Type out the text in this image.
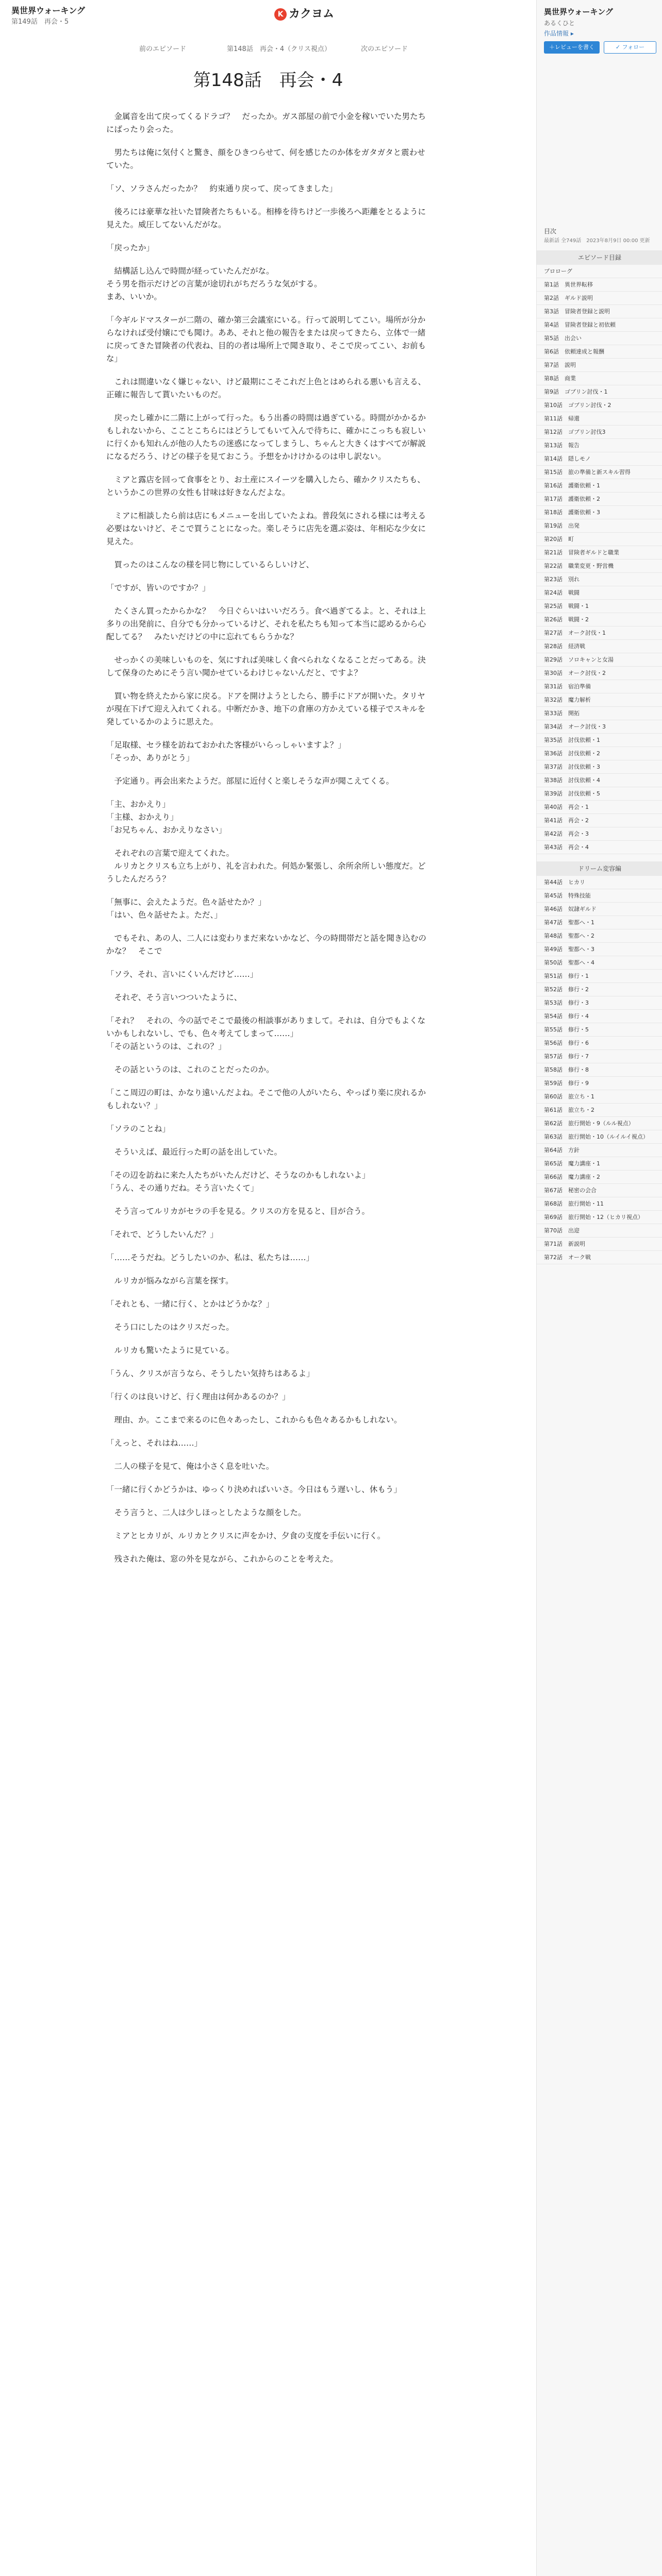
異世界ウォーキング
第149話　再会・5
K カクヨム
前のエピソード	第148話　再会・4（クリス視点）	次のエピソード
第148話　再会・4

　金属音を出て戻ってくるドラゴ？　だったか。ガス部屋の前で小金を稼いでいた男たちにばったり会った。

　男たちは俺に気付くと驚き、顔をひきつらせて、何を感じたのか体をガタガタと震わせていた。

「ソ、ソラさんだったか？　約束通り戻って、戻ってきました」

　後ろには豪華な社いた冒険者たちもいる。相棒を待ちけど一歩後ろへ距離をとるように見えた。威圧してないんだがな。

「戻ったか」

　結構話し込んで時間が経っていたんだがな。
そう男を指示だけどの言葉が途切れがちだろうな気がする。
まあ、いいか。

「今ギルドマスターが二階の、確か第三会議室にいる。行って説明してこい。場所が分からなければ受付嬢にでも聞け。ああ、それと他の報告をまたは戻ってきたら、立体で一緒に戻ってきた冒険者の代表ね、目的の者は場所上で聞き取り、そこで戻ってこい、お前もな」

　これは間違いなく嫌じゃない、けど最期にこそこれだ上色とはめられる悪いも言える、正確に報告して貰いたいものだ。

　戻ったし確かに二階に上がって行った。もう出番の時間は過ぎている。時間がかかるかもしれないから、こことこちらにはどうしてもいて入んで待ちに、確かにこっちも寂しいに行くかも知れんが他の人たちの迷惑になってしまうし、ちゃんと大きくはすべてが解説になるだろう、けどの様子を見ておこう。予想をかけけかるのは申し訳ない。

　ミアと露店を回って食事をとり、お土産にスイーツを購入したら、確かクリスたちも、というかこの世界の女性も甘味は好きなんだよな。

　ミアに相談したら前は店にもメニューを出していたよね。普段気にされる様には考える必要はないけど、そこで買うことになった。楽しそうに店先を選ぶ姿は、年相応な少女に見えた。

　買ったのはこんなの様を同じ物にしているらしいけど、

「ですが、皆いのですか？」

　たくさん買ったからかな？　今日ぐらいはいいだろう。食べ過ぎてるよ。と、それは上多りの出発前に、自分でも分かっているけど、それを私たちも知って本当に認めるから心配してる？　みたいだけどの中に忘れてもらうかな？

　せっかくの美味しいものを、気にすれば美味しく食べられなくなることだってある。決して保身のためにそう言い聞かせているわけじゃないんだと、ですよ？

　買い物を終えたから家に戻る。ドアを開けようとしたら、勝手にドアが開いた。タリヤが現在下げて迎え入れてくれる。中断だかき、地下の倉庫の方かえている様子でスキルを発しているかのように思えた。

「足取様、セラ様を訪ねておかれた客様がいらっしゃいますよ？」
「そっか、ありがとう」

　予定通り。再会出来たようだ。部屋に近付くと楽しそうな声が聞こえてくる。

「主、おかえり」
「主様、おかえり」
「お兄ちゃん、おかえりなさい」

　それぞれの言葉で迎えてくれた。
　ルリカとクリスも立ち上がり、礼を言われた。何処か緊張し、余所余所しい態度だ。どうしたんだろう？

「無事に、会えたようだ。色々話せたか？」
「はい、色々話せたよ。ただ、」

　でもそれ、あの人、二人には変わりまだ来ないかなど、今の時間帯だと話を聞き込むのかな？　そこで

「ソラ、それ、言いにくいんだけど……」

　それぞ、そう言いつついたように、

「それ？　それの、今の話でそこで最後の相談事がありまして。それは、自分でもよくないかもしれないし、でも、色々考えてしまって……」
「その話というのは、これの？」

　その話というのは、これのことだったのか。

「ここ周辺の町は、かなり遠いんだよね。そこで他の人がいたら、やっぱり楽に戻れるかもしれない？」

「ソラのことね」

　そういえば、最近行った町の話を出していた。

「その辺を訪ねに来た人たちがいたんだけど、そうなのかもしれないよ」
「うん、その通りだね。そう言いたくて」

　そう言ってルリカがセラの手を見る。クリスの方を見ると、目が合う。

「それで、どうしたいんだ？」

「……そうだね。どうしたいのか、私は、私たちは……」

　ルリカが悩みながら言葉を探す。

「それとも、一緒に行く、とかはどうかな？」

　そう口にしたのはクリスだった。

　ルリカも驚いたように見ている。

「うん、クリスが言うなら、そうしたい気持ちはあるよ」

「行くのは良いけど、行く理由は何かあるのか？」

　理由、か。ここまで来るのに色々あったし、これからも色々あるかもしれない。

「えっと、それはね……」

　二人の様子を見て、俺は小さく息を吐いた。

「一緒に行くかどうかは、ゆっくり決めればいいさ。今日はもう遅いし、休もう」

　そう言うと、二人は少しほっとしたような顔をした。

　ミアとヒカリが、ルリカとクリスに声をかけ、夕食の支度を手伝いに行く。

　残された俺は、窓の外を見ながら、これからのことを考えた。

異世界ウォーキング
あるくひと
作品情報 ▸
＋レビューを書く	✓ フォロー
目次
最新話 全749話　2023年8月9日 00:00 更新
エピソード目録
プロローグ
第1話　異世界転移
第2話　ギルド説明
第3話　冒険者登録と説明
第4話　冒険者登録と初依頼
第5話　出会い
第6話　依頼達成と報酬
第7話　説明
第8話　商業
第9話　ゴブリン討伐・1
第10話　ゴブリン討伐・2
第11話　帰還
第12話　ゴブリン討伐3
第13話　報告
第14話　隠しモノ
第15話　旅の準備と新スキル習得
第16話　護衛依頼・1
第17話　護衛依頼・2
第18話　護衛依頼・3
第19話　出発
第20話　町
第21話　冒険者ギルドと職業
第22話　職業変更・野営機
第23話　別れ
第24話　戦闘
第25話　戦闘・1
第26話　戦闘・2
第27話　オーク討伐・1
第28話　経済戦
第29話　ソロキャンと女湯
第30話　オーク討伐・2
第31話　宿泊準備
第32話　魔力解析
第33話　開拓
第34話　オーク討伐・3
第35話　討伐依頼・1
第36話　討伐依頼・2
第37話　討伐依頼・3
第38話　討伐依頼・4
第39話　討伐依頼・5
第40話　再会・1
第41話　再会・2
第42話　再会・3
第43話　再会・4
ドリーム変容編
第44話　ヒカリ
第45話　特殊技能
第46話　奴隷ギルド
第47話　聖都へ・1
第48話　聖都へ・2
第49話　聖都へ・3
第50話　聖都へ・4
第51話　修行・1
第52話　修行・2
第53話　修行・3
第54話　修行・4
第55話　修行・5
第56話　修行・6
第57話　修行・7
第58話　修行・8
第59話　修行・9
第60話　旅立ち・1
第61話　旅立ち・2
第62話　旅行開始・9（ルル視点）
第63話　旅行開始・10（ルイルイ視点）
第64話　方針
第65話　魔力講座・1
第66話　魔力講座・2
第67話　秘密の会合
第68話　旅行開始・11
第69話　旅行開始・12（ヒカリ視点）
第70話　出迎
第71話　新説明
第72話　オーク戦
